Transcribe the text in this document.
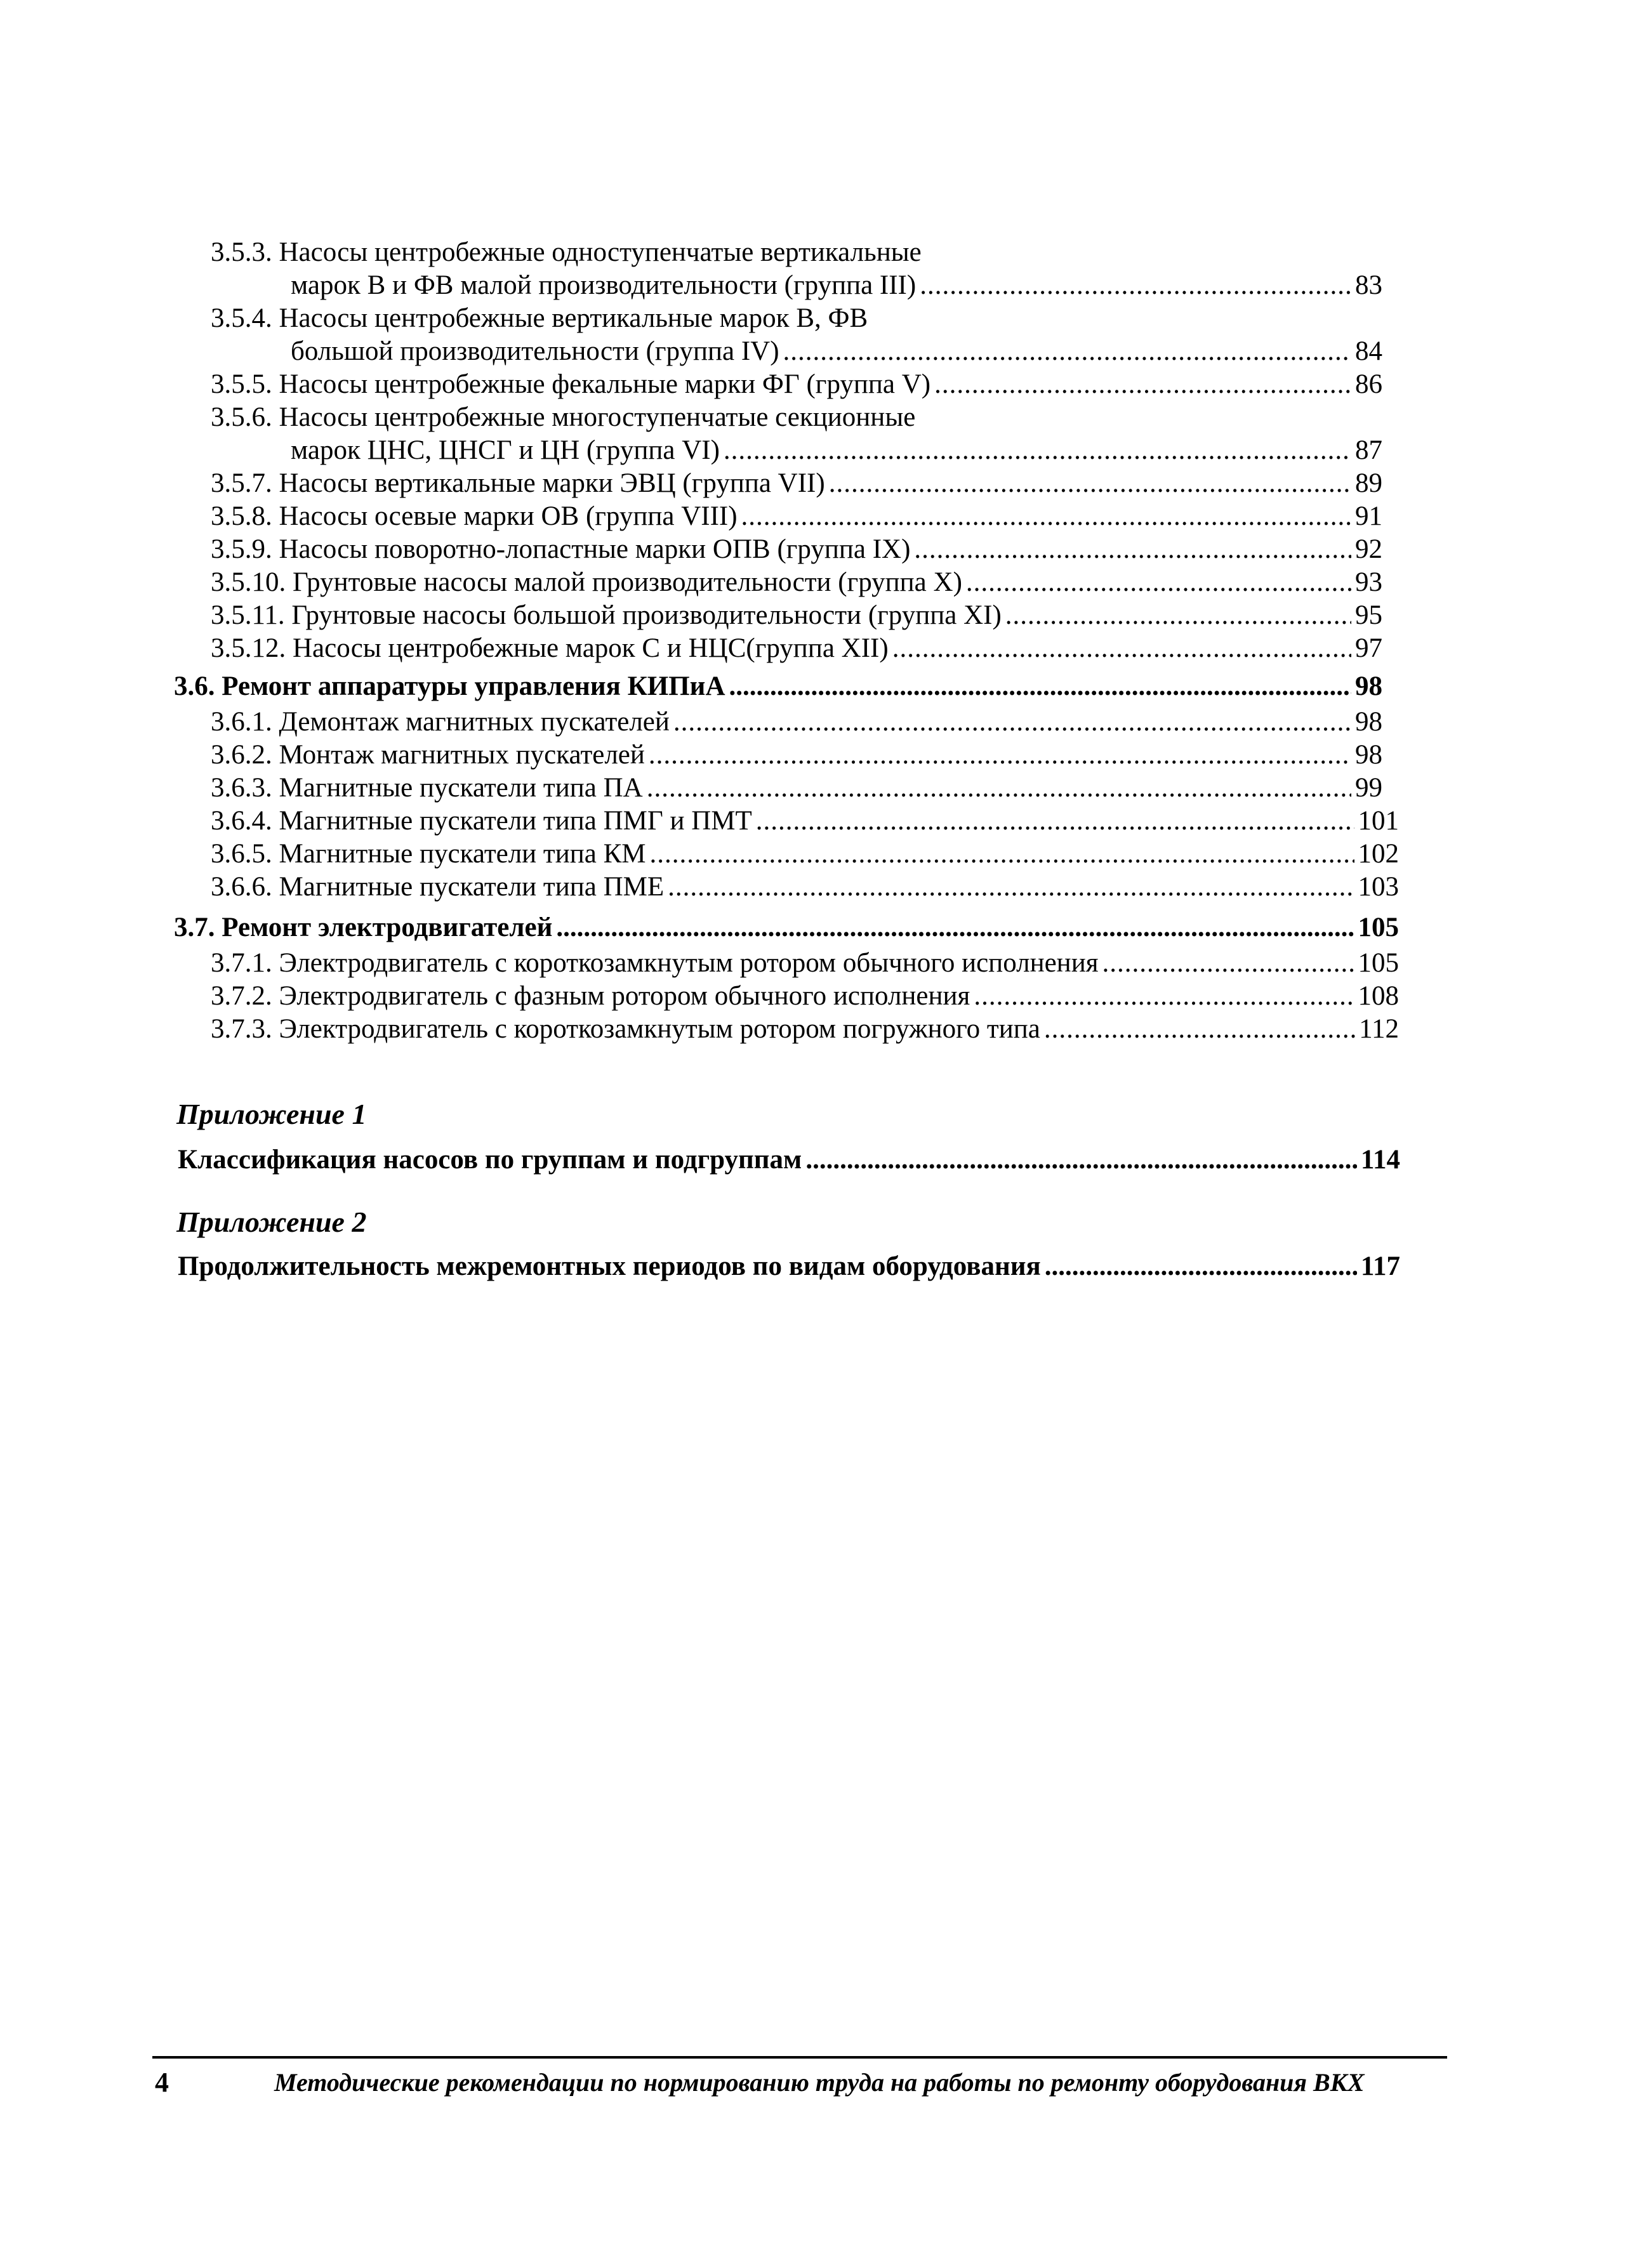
3.5.3. Насосы центробежные одноступенчатые вертикальные
марок В и ФВ малой производительности (группа III) .....	83
3.5.4. Насосы центробежные вертикальные марок В, ФВ
большой производительности (группа IV) .....	84
3.5.5. Насосы центробежные фекальные марки ФГ (группа V) .....	86
3.5.6. Насосы центробежные многоступенчатые секционные
марок ЦНС, ЦНСГ и ЦН (группа VI) .....	87
3.5.7. Насосы вертикальные марки ЭВЦ (группа VII) .....	89
3.5.8. Насосы осевые марки ОВ (группа VIII) .....	91
3.5.9. Насосы поворотно-лопастные марки ОПВ (группа IX) .....	92
3.5.10. Грунтовые насосы малой производительности (группа X) .....	93
3.5.11. Грунтовые насосы большой производительности (группа XI) .....	95
3.5.12. Насосы центробежные марок С и НЦС(группа XII) .....	97
3.6. Ремонт аппаратуры управления КИПиА .....	98
3.6.1. Демонтаж магнитных пускателей .....	98
3.6.2. Монтаж магнитных пускателей .....	98
3.6.3. Магнитные пускатели типа ПА .....	99
3.6.4. Магнитные пускатели типа ПМГ и ПМТ .....	101
3.6.5. Магнитные пускатели типа КМ .....	102
3.6.6. Магнитные пускатели типа ПМЕ .....	103
3.7. Ремонт электродвигателей .....	105
3.7.1. Электродвигатель с короткозамкнутым ротором обычного исполнения .....	105
3.7.2. Электродвигатель с фазным ротором обычного исполнения .....	108
3.7.3. Электродвигатель с короткозамкнутым ротором погружного типа .....	112
Приложение 1
Классификация насосов по группам и подгруппам .....	114
Приложение 2
Продолжительность межремонтных периодов по видам оборудования .....	117
4	Методические рекомендации по нормированию труда на работы по ремонту оборудования ВКХ
